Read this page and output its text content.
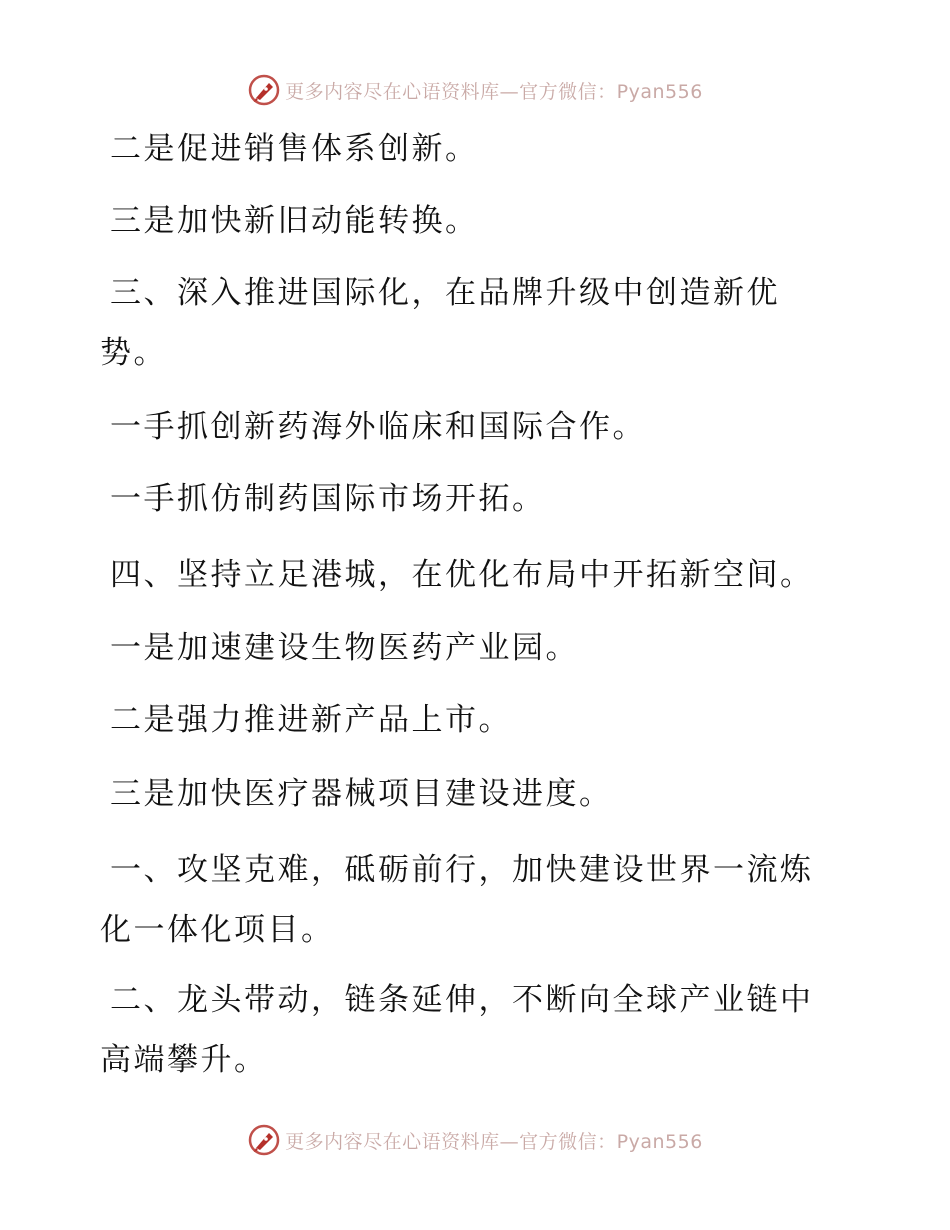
更多内容尽在心语资料库—官方微信：Pyan556
二是促进销售体系创新。
三是加快新旧动能转换。
三、深入推进国际化，在品牌升级中创造新优势。
一手抓创新药海外临床和国际合作。
一手抓仿制药国际市场开拓。
四、坚持立足港城，在优化布局中开拓新空间。
一是加速建设生物医药产业园。
二是强力推进新产品上市。
三是加快医疗器械项目建设进度。
一、攻坚克难，砥砺前行，加快建设世界一流炼化一体化项目。
二、龙头带动，链条延伸，不断向全球产业链中高端攀升。
更多内容尽在心语资料库—官方微信：Pyan556
